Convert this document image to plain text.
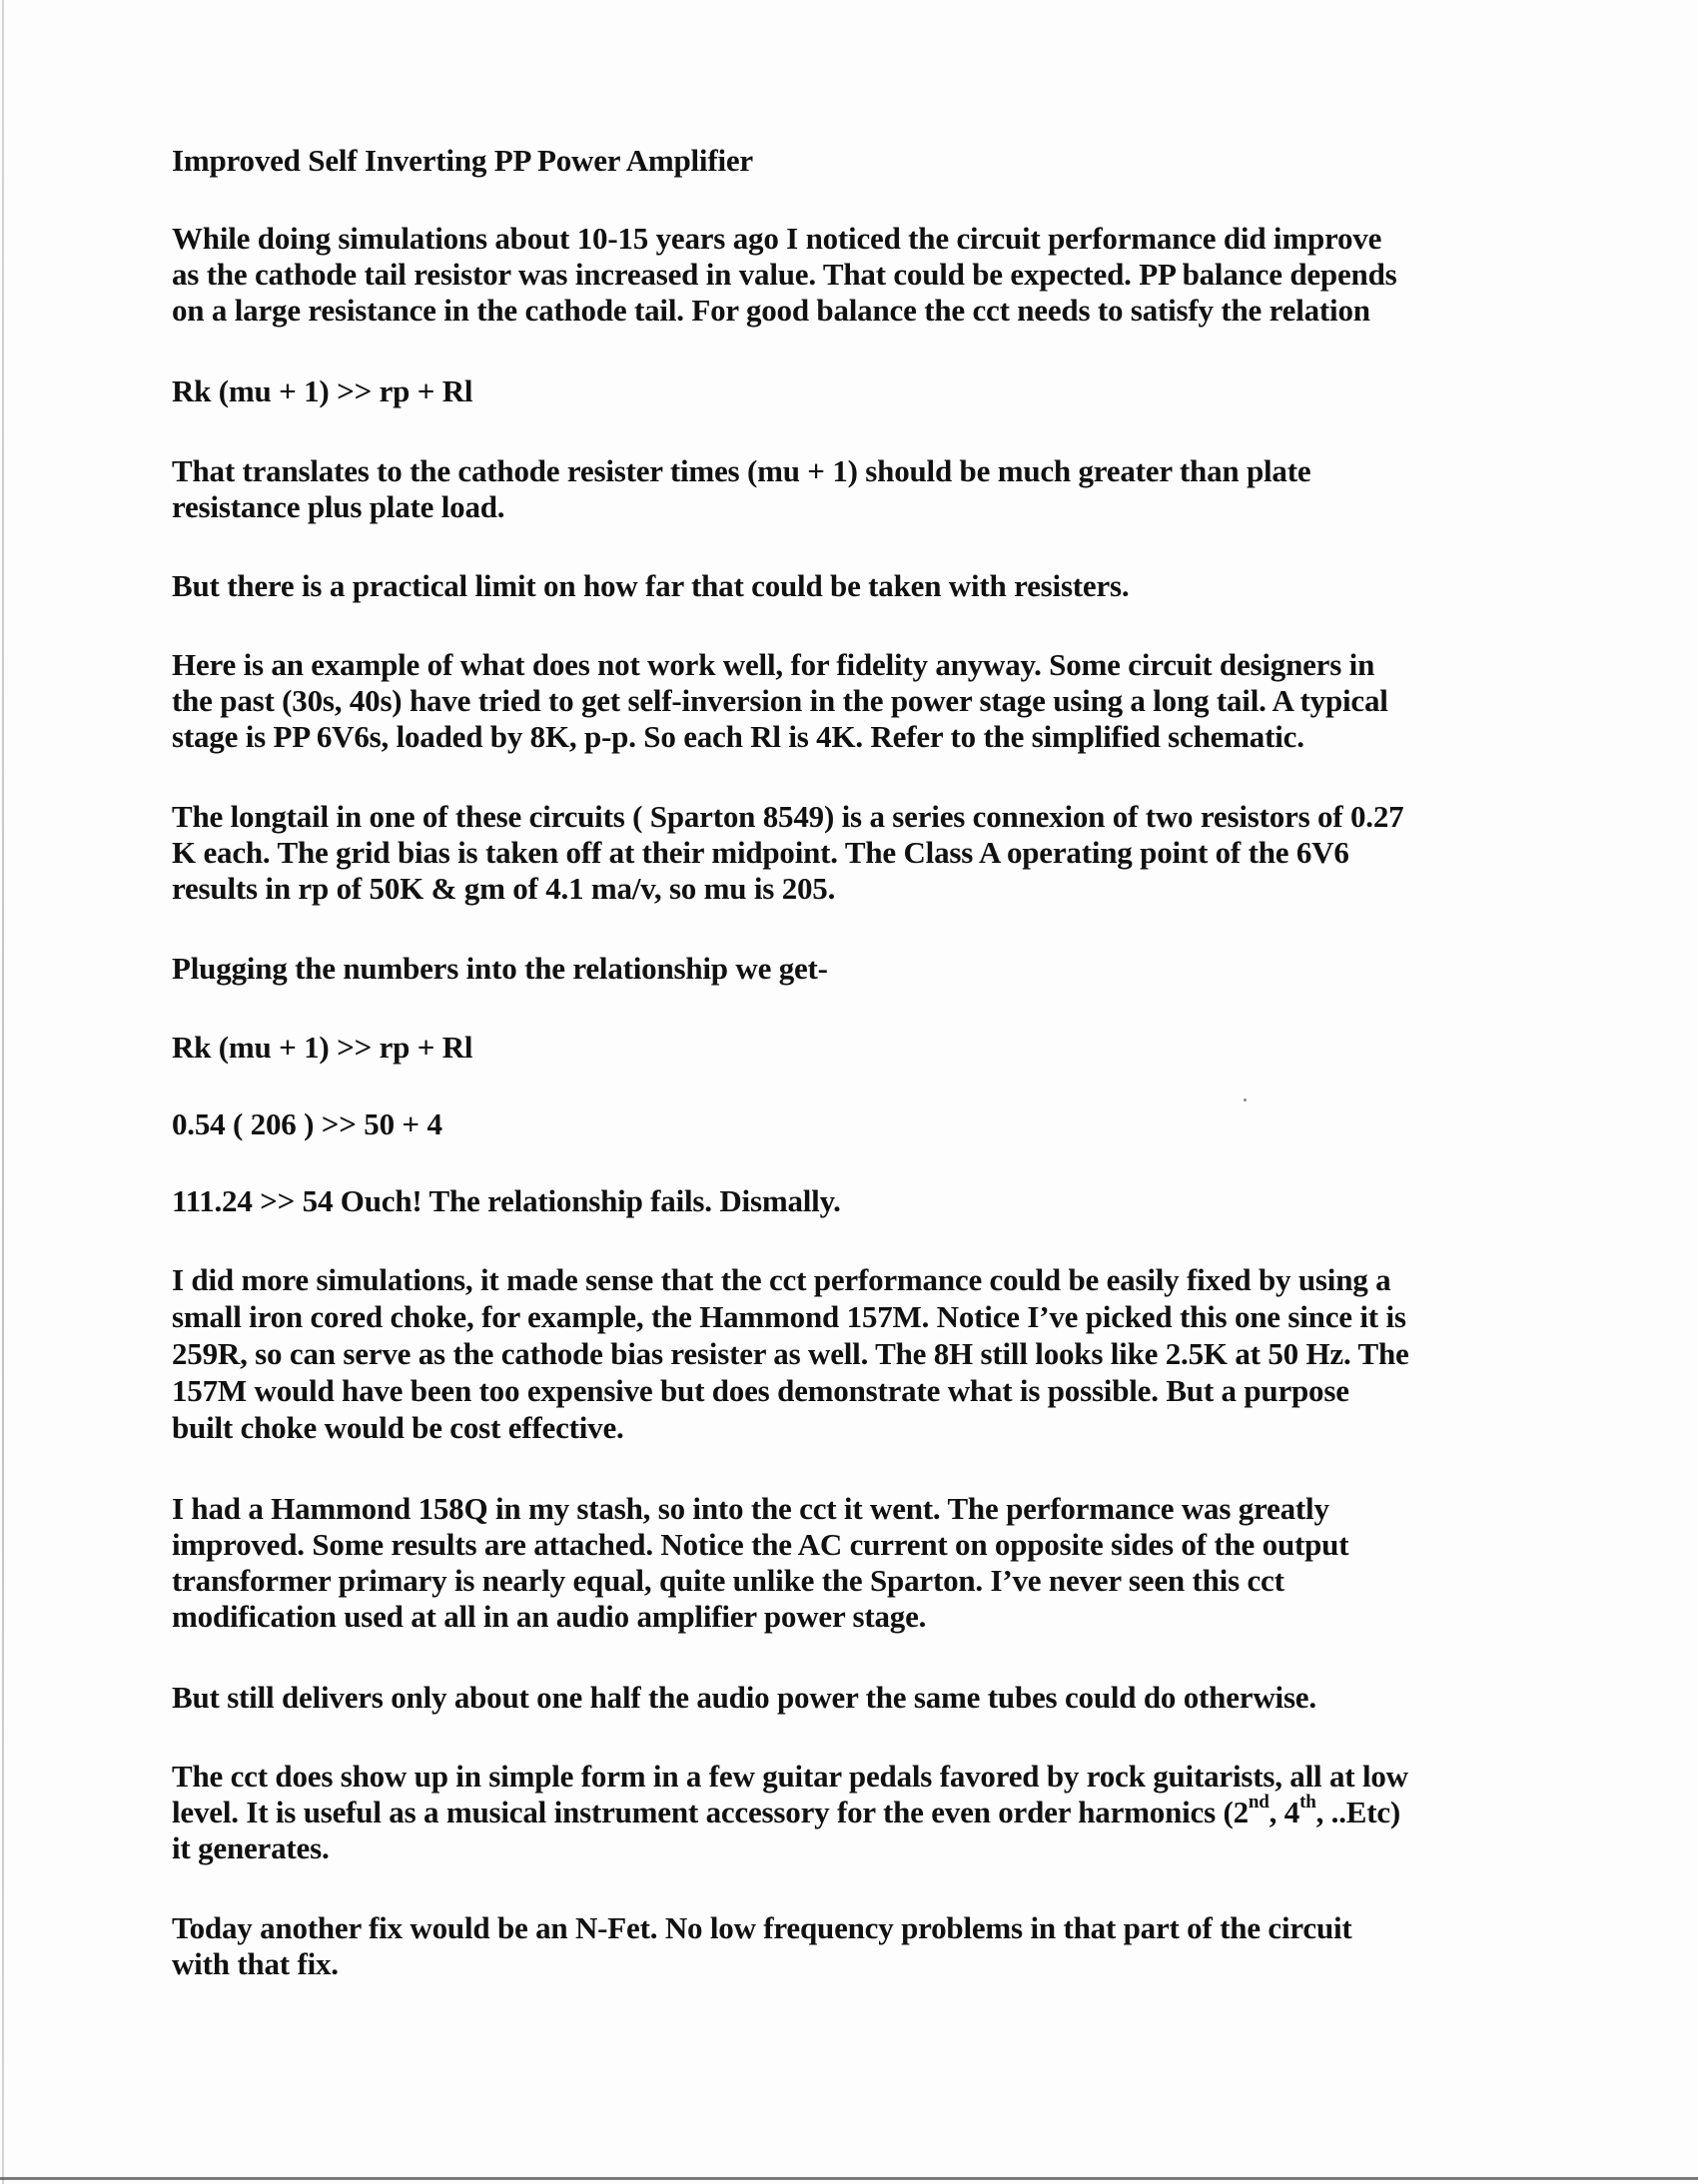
Improved Self Inverting PP Power Amplifier
While doing simulations about 10-15 years ago I noticed the circuit performance did improve
as the cathode tail resistor was increased in value. That could be expected. PP balance depends
on a large resistance in the cathode tail. For good balance the cct needs to satisfy the relation
Rk (mu + 1) >> rp + Rl
That translates to the cathode resister times (mu + 1) should be much greater than plate
resistance plus plate load.
But there is a practical limit on how far that could be taken with resisters.
Here is an example of what does not work well, for fidelity anyway. Some circuit designers in
the past (30s, 40s) have tried to get self-inversion in the power stage using a long tail. A typical
stage is PP 6V6s, loaded by 8K, p-p. So each Rl is 4K. Refer to the simplified schematic.
The longtail in one of these circuits ( Sparton 8549) is a series connexion of two resistors of 0.27
K each. The grid bias is taken off at their midpoint. The Class A operating point of the 6V6
results in rp of 50K & gm of 4.1 ma/v, so mu is 205.
Plugging the numbers into the relationship we get-
Rk (mu + 1) >> rp + Rl
0.54 ( 206 ) >> 50 + 4
111.24 >> 54 Ouch! The relationship fails. Dismally.
I did more simulations, it made sense that the cct performance could be easily fixed by using a
small iron cored choke, for example, the Hammond 157M. Notice I’ve picked this one since it is
259R, so can serve as the cathode bias resister as well. The 8H still looks like 2.5K at 50 Hz. The
157M would have been too expensive but does demonstrate what is possible. But a purpose
built choke would be cost effective.
I had a Hammond 158Q in my stash, so into the cct it went. The performance was greatly
improved. Some results are attached. Notice the AC current on opposite sides of the output
transformer primary is nearly equal, quite unlike the Sparton. I’ve never seen this cct
modification used at all in an audio amplifier power stage.
But still delivers only about one half the audio power the same tubes could do otherwise.
The cct does show up in simple form in a few guitar pedals favored by rock guitarists, all at low
level. It is useful as a musical instrument accessory for the even order harmonics (2nd, 4th, ..Etc)
it generates.
Today another fix would be an N-Fet. No low frequency problems in that part of the circuit
with that fix.
